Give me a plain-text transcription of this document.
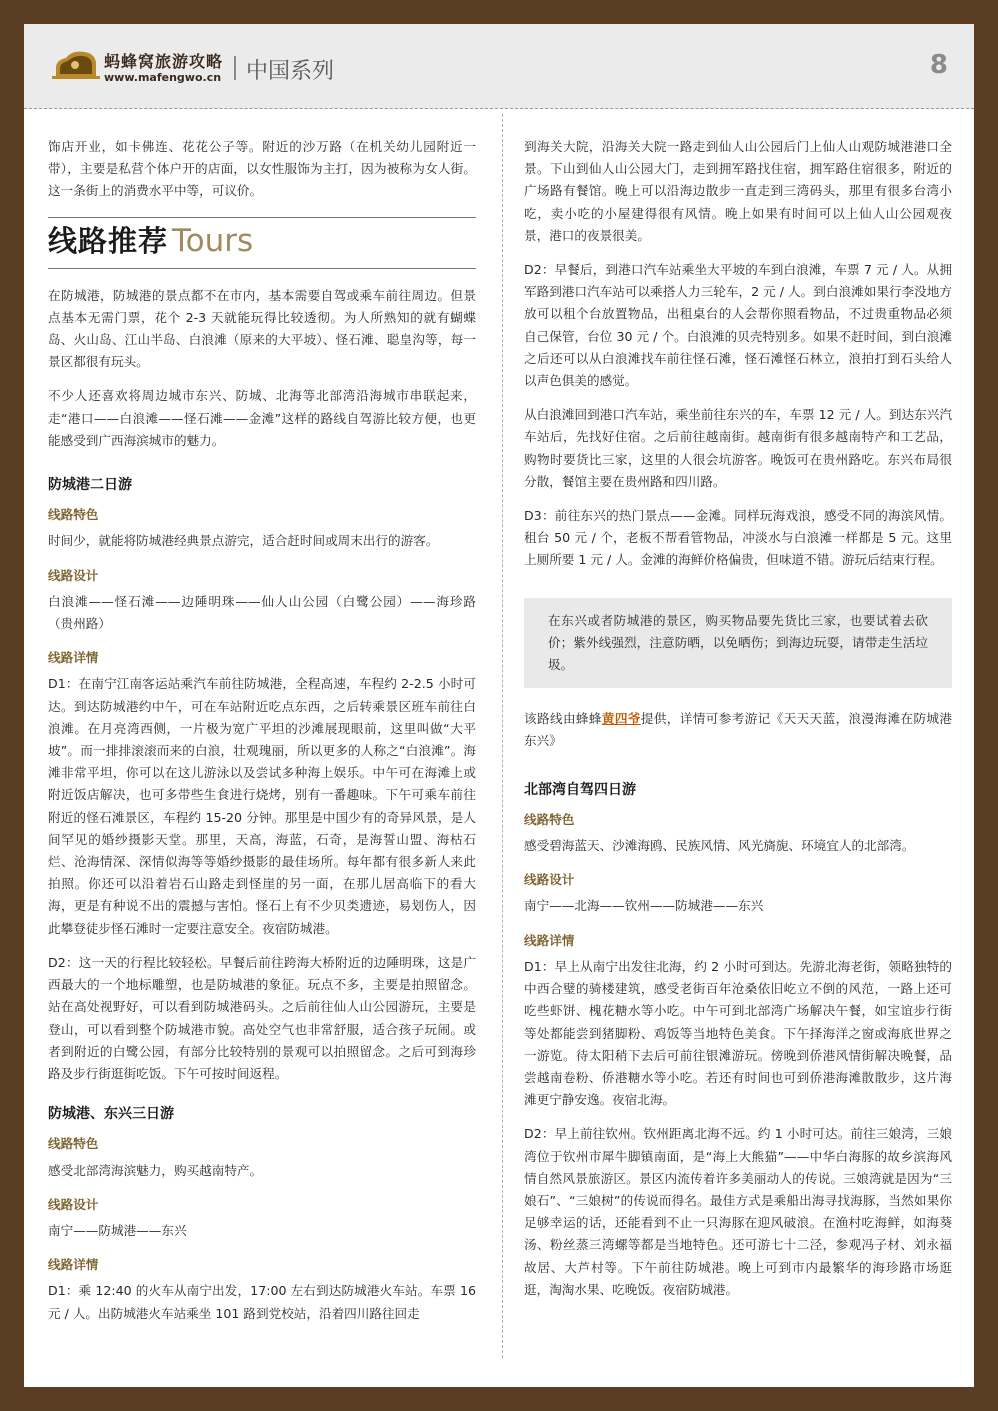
蚂蜂窝旅游攻略
www.mafengwo.cn 中国系列	8

饰店开业，如卡佛连、花花公子等。附近的沙万路（在机关幼儿园附近一带），主要是私营个体户开的店面，以女性服饰为主打，因为被称为女人街。这一条街上的消费水平中等，可议价。

线路推荐 Tours

在防城港，防城港的景点都不在市内，基本需要自驾或乘车前往周边。但景点基本无需门票，花个 2-3 天就能玩得比较透彻。为人所熟知的就有蝴蝶岛、火山岛、江山半岛、白浪滩（原来的大平坡）、怪石滩、聪皇沟等，每一景区都很有玩头。

不少人还喜欢将周边城市东兴、防城、北海等北部湾沿海城市串联起来，走“港口——白浪滩——怪石滩——金滩”这样的路线自驾游比较方便，也更能感受到广西海滨城市的魅力。

防城港二日游
线路特色

时间少，就能将防城港经典景点游完，适合赶时间或周末出行的游客。

线路设计

白浪滩——怪石滩——边陲明珠——仙人山公园（白鹭公园）——海珍路（贵州路）

线路详情

D1：在南宁江南客运站乘汽车前往防城港，全程高速，车程约 2-2.5 小时可达。到达防城港约中午，可在车站附近吃点东西，之后转乘景区班车前往白浪滩。在月亮湾西侧，一片极为宽广平坦的沙滩展现眼前，这里叫做“大平坡”。而一排排滚滚而来的白浪，壮观瑰丽，所以更多的人称之“白浪滩”。海滩非常平坦，你可以在这儿游泳以及尝试多种海上娱乐。中午可在海滩上或附近饭店解决，也可多带些生食进行烧烤，别有一番趣味。下午可乘车前往附近的怪石滩景区，车程约 15-20 分钟。那里是中国少有的奇异风景，是人间罕见的婚纱摄影天堂。那里，天高，海蓝，石奇，是海誓山盟、海枯石烂、沧海情深、深情似海等等婚纱摄影的最佳场所。每年都有很多新人来此拍照。你还可以沿着岩石山路走到怪崖的另一面，在那儿居高临下的看大海，更是有种说不出的震撼与害怕。怪石上有不少贝类遗迹，易划伤人，因此攀登徒步怪石滩时一定要注意安全。夜宿防城港。

D2：这一天的行程比较轻松。早餐后前往跨海大桥附近的边陲明珠，这是广西最大的一个地标雕塑，也是防城港的象征。玩点不多，主要是拍照留念。站在高处视野好，可以看到防城港码头。之后前往仙人山公园游玩，主要是登山，可以看到整个防城港市貌。高处空气也非常舒服，适合孩子玩闹。或者到附近的白鹭公园，有部分比较特别的景观可以拍照留念。之后可到海珍路及步行街逛街吃饭。下午可按时间返程。

防城港、东兴三日游
线路特色

感受北部湾海滨魅力，购买越南特产。

线路设计

南宁——防城港——东兴

线路详情

D1：乘 12:40 的火车从南宁出发，17:00 左右到达防城港火车站。车票 16 元 / 人。出防城港火车站乘坐 101 路到党校站，沿着四川路往回走

到海关大院，沿海关大院一路走到仙人山公园后门上仙人山观防城港港口全景。下山到仙人山公园大门，走到拥军路找住宿，拥军路住宿很多，附近的广场路有餐馆。晚上可以沿海边散步一直走到三湾码头，那里有很多台湾小吃，卖小吃的小屋建得很有风情。晚上如果有时间可以上仙人山公园观夜景，港口的夜景很美。

D2：早餐后，到港口汽车站乘坐大平坡的车到白浪滩，车票 7 元 / 人。从拥军路到港口汽车站可以乘搭人力三轮车，2 元 / 人。到白浪滩如果行李没地方放可以租个台放置物品，出租桌台的人会帮你照看物品，不过贵重物品必须自己保管，台位 30 元 / 个。白浪滩的贝壳特别多。如果不赶时间，到白浪滩之后还可以从白浪滩找车前往怪石滩，怪石滩怪石林立，浪拍打到石头给人以声色俱美的感觉。

从白浪滩回到港口汽车站，乘坐前往东兴的车，车票 12 元 / 人。到达东兴汽车站后，先找好住宿。之后前往越南街。越南街有很多越南特产和工艺品，购物时要货比三家，这里的人很会坑游客。晚饭可在贵州路吃。东兴布局很分散，餐馆主要在贵州路和四川路。

D3：前往东兴的热门景点——金滩。同样玩海戏浪，感受不同的海滨风情。租台 50 元 / 个，老板不帮看管物品，冲淡水与白浪滩一样都是 5 元。这里上厕所要 1 元 / 人。金滩的海鲜价格偏贵，但味道不错。游玩后结束行程。

在东兴或者防城港的景区，购买物品要先货比三家，也要试着去砍价；紫外线强烈，注意防晒，以免晒伤；到海边玩耍，请带走生活垃圾。

该路线由蜂蜂黄四爷提供，详情可参考游记《天天天蓝，浪漫海滩在防城港东兴》

北部湾自驾四日游
线路特色

感受碧海蓝天、沙滩海鸥、民族风情、风光旖旎、环境宜人的北部湾。

线路设计

南宁——北海——钦州——防城港——东兴

线路详情

D1：早上从南宁出发往北海，约 2 小时可到达。先游北海老街，领略独特的中西合璧的骑楼建筑，感受老街百年沧桑依旧屹立不倒的风范，一路上还可吃些虾饼、槐花糖水等小吃。中午可到北部湾广场解决午餐，如宝谊步行街等处都能尝到猪脚粉、鸡饭等当地特色美食。下午择海洋之窗或海底世界之一游览。待太阳稍下去后可前往银滩游玩。傍晚到侨港风情街解决晚餐，品尝越南卷粉、侨港糖水等小吃。若还有时间也可到侨港海滩散散步，这片海滩更宁静安逸。夜宿北海。

D2：早上前往钦州。钦州距离北海不远。约 1 小时可达。前往三娘湾，三娘湾位于钦州市犀牛脚镇南面，是“海上大熊猫”——中华白海豚的故乡滨海风情自然风景旅游区。景区内流传着许多美丽动人的传说。三娘湾就是因为“三娘石”、“三娘树”的传说而得名。最佳方式是乘船出海寻找海豚，当然如果你足够幸运的话，还能看到不止一只海豚在迎风破浪。在渔村吃海鲜，如海葵汤、粉丝蒸三湾螺等都是当地特色。还可游七十二泾，参观冯子材、刘永福故居、大芦村等。下午前往防城港。晚上可到市内最繁华的海珍路市场逛逛，淘淘水果、吃晚饭。夜宿防城港。
